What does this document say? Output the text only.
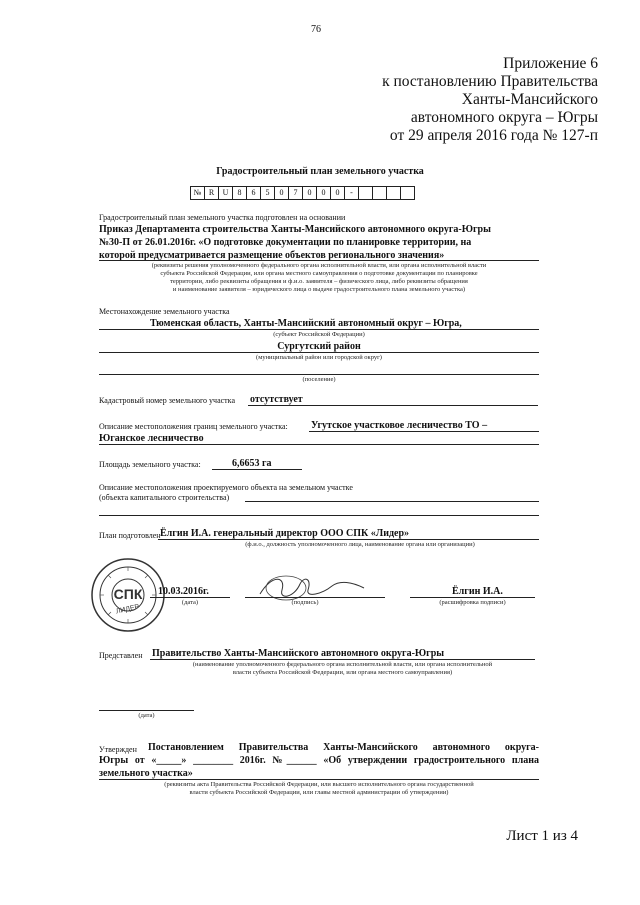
76
Приложение 6
к постановлению Правительства
Ханты-Мансийского
автономного округа – Югры
от 29 апреля 2016 года № 127-п
Градостроительный план земельного участка
№ R	U	8	6	5	0	7	0	0	0	-
Градостроительный план земельного участка подготовлен на основании
Приказ Департамента строительства Ханты-Мансийского автономного округа-Югры
№30-П от 26.01.2016г. «О подготовке документации по планировке территории, на
которой предусматривается размещение объектов регионального значения»
(реквизиты решения уполномоченного федерального органа исполнительной власти, или органа исполнительной власти
субъекта Российской Федерации, или органа местного самоуправления о подготовке документации по планировке
территории, либо реквизиты обращения и ф.и.о. заявителя – физического лица, либо реквизиты обращения
и наименование заявителя – юридического лица о выдаче градостроительного плана земельного участка)
Местонахождение земельного участка
Тюменская область, Ханты-Мансийский автономный округ – Югра,
(субъект Российской Федерации)
Сургутский район
(муниципальный район или городской округ)
(поселение)
Кадастровый номер земельного участка отсутствует
Описание местоположения границ земельного участка: Угутское участковое лесничество ТО –
Юганское лесничество
Площадь земельного участка:	6,6653 га
Описание местоположения проектируемого объекта на земельном участке
(объекта капитального строительства)
План подготовлен Ёлгин И.А. генеральный директор ООО СПК «Лидер»
(ф.и.о., должность уполномоченного лица, наименование органа или организации)
СПК
ЛИДЕР
10.03.2016г.
(дата)	(подпись)
Ёлгин И.А.
(расшифровка подписи)
Представлен Правительство Ханты-Мансийского автономного округа-Югры
(наименование уполномоченного федерального органа исполнительной власти, или органа исполнительной
власти субъекта Российской Федерации, или органа местного самоуправления)
(дата)
Утвержден Постановлением Правительства Ханты-Мансийского автономного округа-
Югры от «_____» ________ 2016г. №______ «Об утверждении градостроительного плана
земельного участка»
(реквизиты акта Правительства Российской Федерации, или высшего исполнительного органа государственной
власти субъекта Российской Федерации, или главы местной администрации об утверждении)
Лист 1 из 4
